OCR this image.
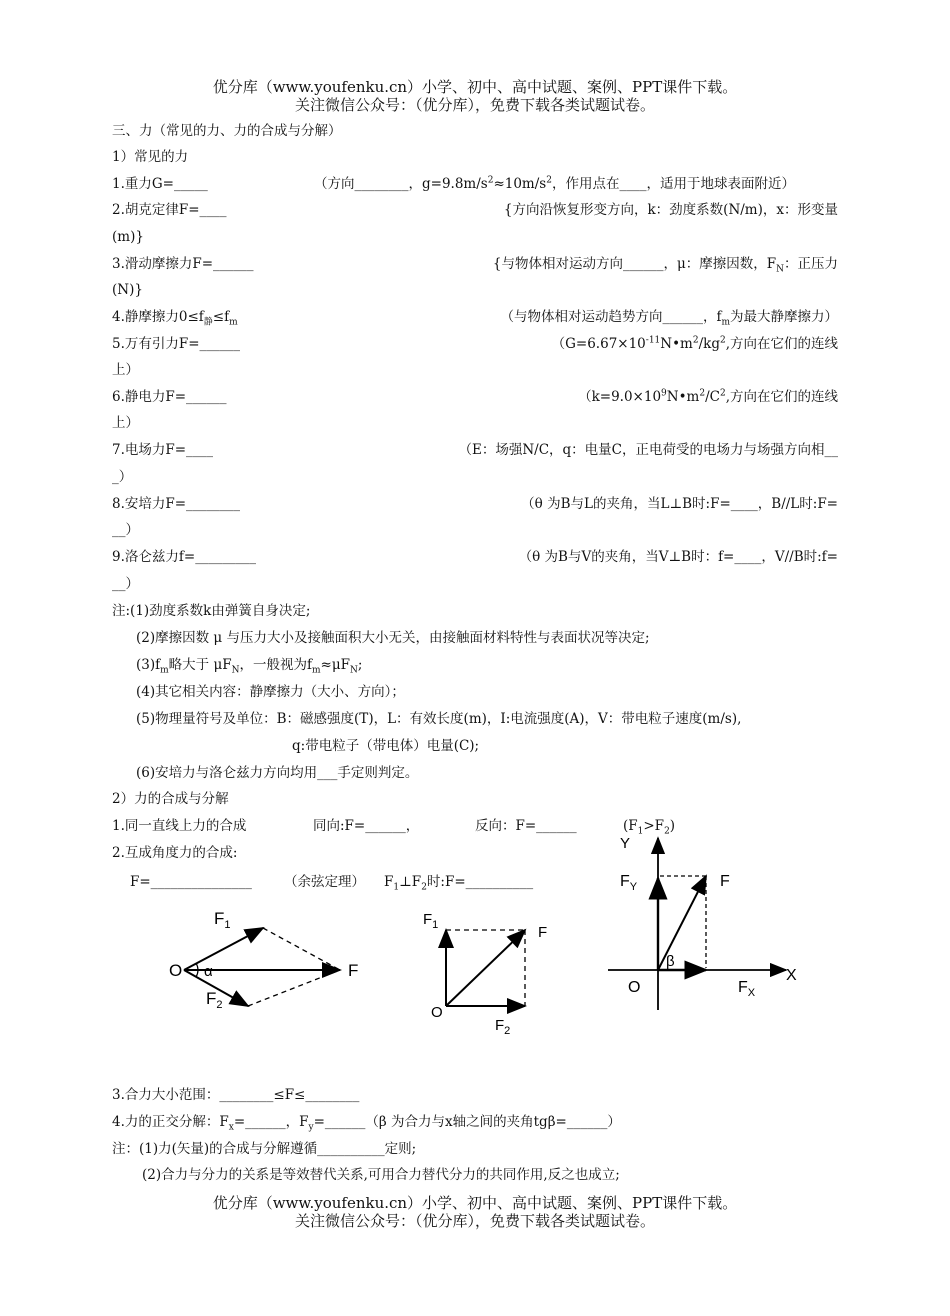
优分库（www.youfenku.cn）小学、初中、高中试题、案例、PPT课件下载。
关注微信公众号：（优分库），免费下载各类试题试卷。
三、力（常见的力、力的合成与分解）
1）常见的力
1.重力G=_____	（方向________，$g=9.8m/s^2\approx 10m/s^2$，作用点在____，适用于地球表面附近）
2.胡克定律F=____	{方向沿恢复形变方向，k：劲度系数(N/m)，x：形变量
(m)}
3.滑动摩擦力F=______	{与物体相对运动方向______，μ：摩擦因数，$F_N$：正压力
(N)}
4.静摩擦力$0\le f_静\le f_m$	（与物体相对运动趋势方向______，$f_m$为最大静摩擦力）
5.万有引力F=______	（$G=6.67\times 10^{-11}N•m^2/kg^2$,方向在它们的连线
上）
6.静电力F=______	（$k=9.0\times 10^9N•m^2/C^2$,方向在它们的连线
上）
7.电场力F=____	（E：场强N/C，q：电量C，正电荷受的电场力与场强方向相__
_）
8.安培力F=________	（θ 为B与L的夹角，当L⊥B时:F=____，B//L时:F=
__）
9.洛仑兹力f=_________	（θ 为B与V的夹角，当V⊥B时：f=____，V//B时:f=
__）
注:(1)劲度系数k由弹簧自身决定;
(2)摩擦因数 μ 与压力大小及接触面积大小无关，由接触面材料特性与表面状况等决定;
$(3)f_m$略大于 $\mu F_N$，一般视为$f_m\approx\mu F_N$;
(4)其它相关内容：静摩擦力（大小、方向）；
(5)物理量符号及单位：B：磁感强度(T)，L：有效长度(m)，I:电流强度(A)，V：带电粒子速度(m/s),
q:带电粒子（带电体）电量(C);
(6)安培力与洛仑兹力方向均用___手定则判定。
2）力的合成与分解
1.同一直线上力的合成	同向:F=______，	反向：F=______	$(F_1>F_2)$
2.互成角度力的合成:
F=_______________ （余弦定理） $F_1\perp F_2$时:F=__________
$F_1$
$F_2$
F
O α
$F_1$
$F_2$
F
O
Y
X
$F_Y$
$F_X$
F
O
β
3.合力大小范围：________≤F≤________
4.力的正交分解：$F_x=\_\_\_\_\_\_$，$F_y=\_\_\_\_\_\_(\beta$ 为合力与x轴之间的夹角tgβ=______）
注：(1)力(矢量)的合成与分解遵循__________定则;
(2)合力与分力的关系是等效替代关系,可用合力替代分力的共同作用,反之也成立;
优分库（www.youfenku.cn）小学、初中、高中试题、案例、PPT课件下载。
关注微信公众号：（优分库），免费下载各类试题试卷。
